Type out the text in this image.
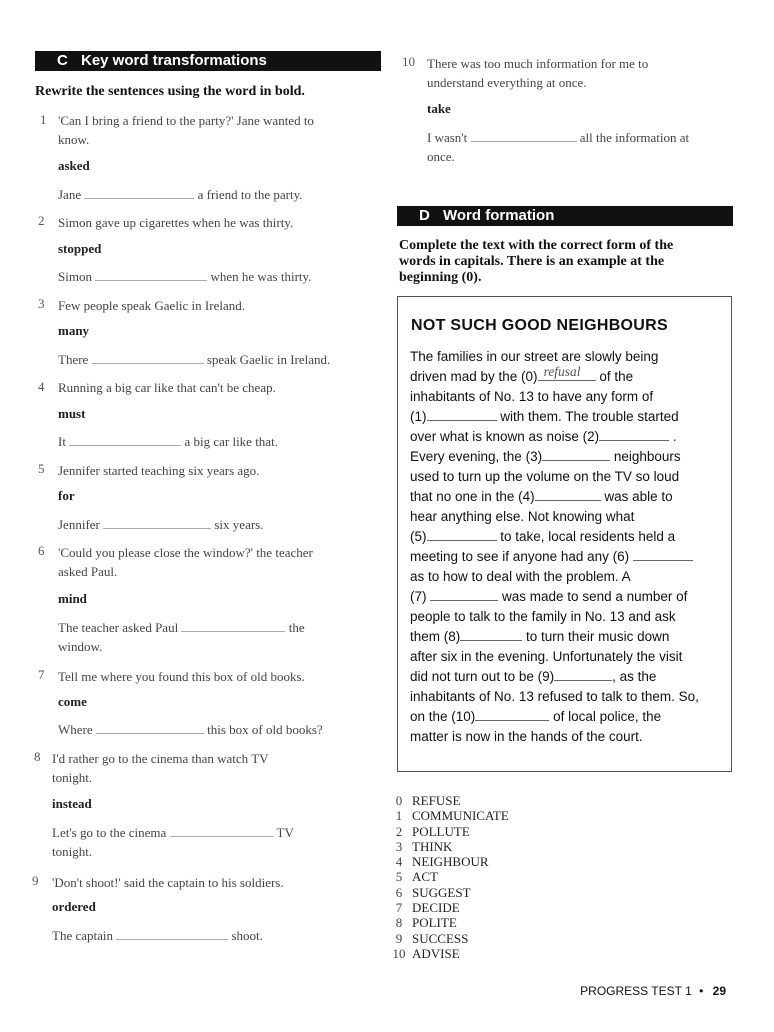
C Key word transformations
Rewrite the sentences using the word in bold.
1 'Can I bring a friend to the party?' Jane wanted to
know.
asked
Jane	a friend to the party.
2 Simon gave up cigarettes when he was thirty.
stopped
Simon	when he was thirty.
3 Few people speak Gaelic in Ireland.
many
There	speak Gaelic in Ireland.
4 Running a big car like that can't be cheap.
must
It	a big car like that.
5 Jennifer started teaching six years ago.
for
Jennifer	six years.
6 'Could you please close the window?' the teacher
asked Paul.
mind
The teacher asked Paul	the
window.
7 Tell me where you found this box of old books.
come
Where	this box of old books?
8 I'd rather go to the cinema than watch TV
tonight.
instead
Let's go to the cinema	TV
tonight.
9 'Don't shoot!' said the captain to his soldiers.
ordered
The captain	shoot.
10 There was too much information for me to
understand everything at once.
take
I wasn't	all the information at
once.
D Word formation
Complete the text with the correct form of the
words in capitals. There is an example at the
beginning (0).
NOT SUCH GOOD NEIGHBOURS
The families in our street are slowly being
driven mad by the (0) refusal of the
inhabitants of No. 13 to have any form of
(1)	with them. The trouble started
over what is known as noise (2)	.
Every evening, the (3)	neighbours
used to turn up the volume on the TV so loud
that no one in the (4)	was able to
hear anything else. Not knowing what
(5)	to take, local residents held a
meeting to see if anyone had any (6)
as to how to deal with the problem. A
(7)	was made to send a number of
people to talk to the family in No. 13 and ask
them (8)	to turn their music down
after six in the evening. Unfortunately the visit
did not turn out to be (9)	, as the
inhabitants of No. 13 refused to talk to them. So,
on the (10)	of local police, the
matter is now in the hands of the court.
0 REFUSE
1 COMMUNICATE
2 POLLUTE
3 THINK
4 NEIGHBOUR
5 ACT
6 SUGGEST
7 DECIDE
8 POLITE
9 SUCCESS
10 ADVISE
PROGRESS TEST 1 • 29
